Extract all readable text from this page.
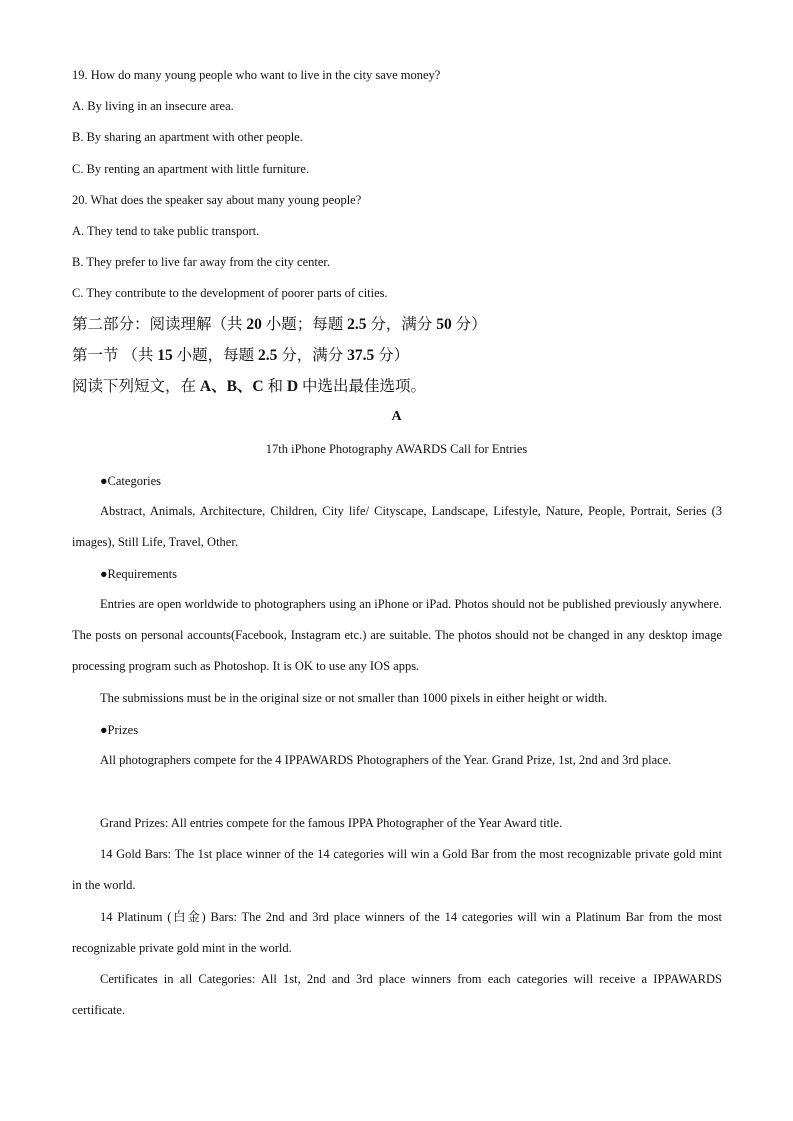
19. How do many young people who want to live in the city save money?
A. By living in an insecure area.
B. By sharing an apartment with other people.
C. By renting an apartment with little furniture.
20. What does the speaker say about many young people?
A. They tend to take public transport.
B. They prefer to live far away from the city center.
C. They contribute to the development of poorer parts of cities.
第二部分：阅读理解（共 20 小题；每题 2.5 分，满分 50 分）
第一节 （共 15 小题，每题 2.5 分，满分 37.5 分）
阅读下列短文，在 A、B、C 和 D 中选出最佳选项。
A
17th iPhone Photography AWARDS Call for Entries
●Categories

Abstract, Animals, Architecture, Children, City life/ Cityscape, Landscape, Lifestyle, Nature, People, Portrait, Series (3 images), Still Life, Travel, Other.

●Requirements

Entries are open worldwide to photographers using an iPhone or iPad. Photos should not be published previously anywhere. The posts on personal accounts(Facebook, Instagram etc.) are suitable. The photos should not be changed in any desktop image processing program such as Photoshop. It is OK to use any IOS apps.

The submissions must be in the original size or not smaller than 1000 pixels in either height or width.

●Prizes

All photographers compete for the 4 IPPAWARDS Photographers of the Year. Grand Prize, 1st, 2nd and 3rd place.

Grand Prizes: All entries compete for the famous IPPA Photographer of the Year Award title.

14 Gold Bars: The 1st place winner of the 14 categories will win a Gold Bar from the most recognizable private gold mint in the world.

14 Platinum (白金) Bars: The 2nd and 3rd place winners of the 14 categories will win a Platinum Bar from the most recognizable private gold mint in the world.

Certificates in all Categories: All 1st, 2nd and 3rd place winners from each categories will receive a IPPAWARDS certificate.
